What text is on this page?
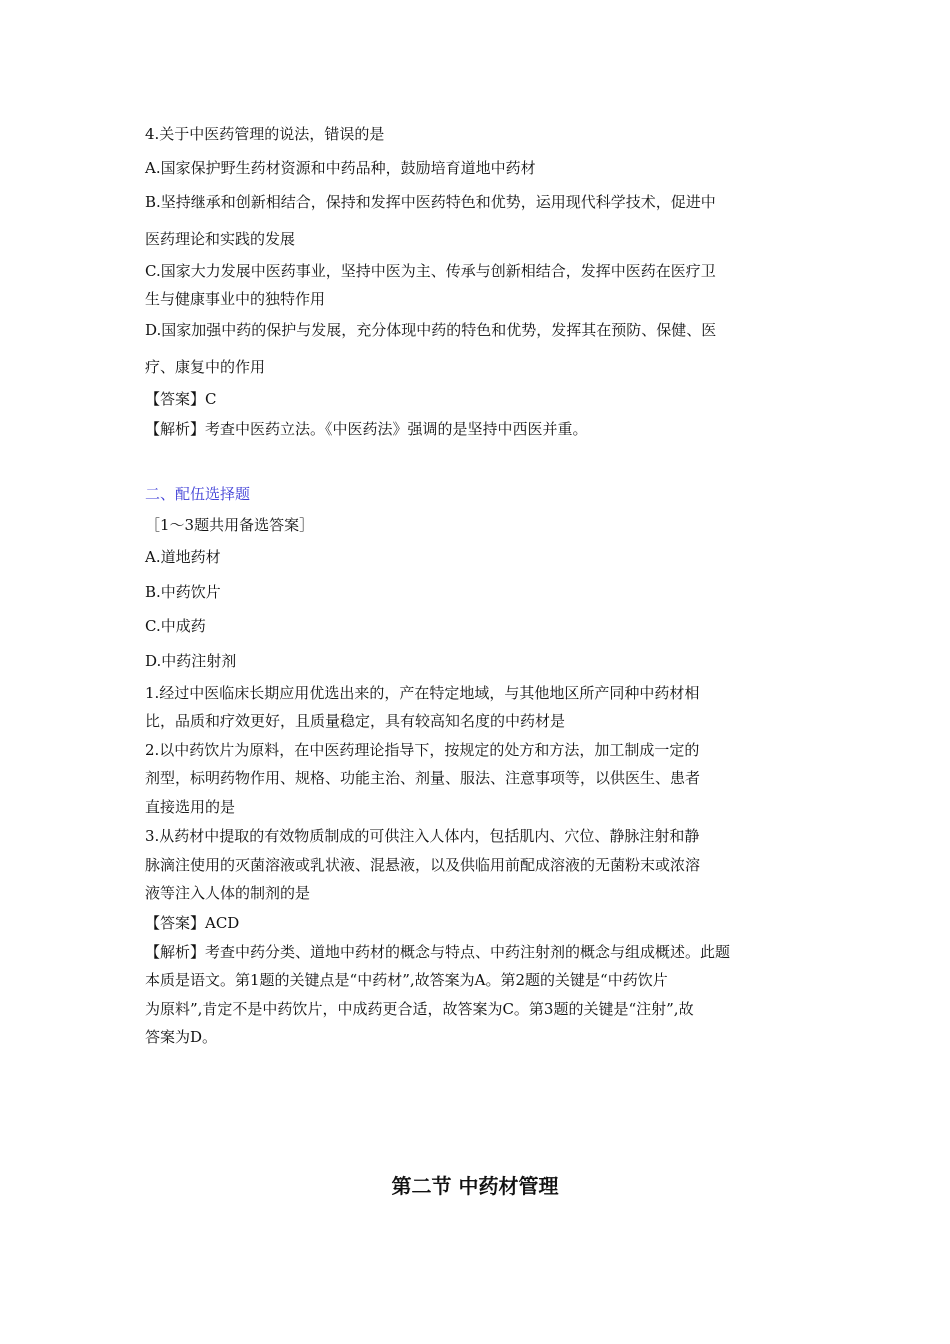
4.关于中医药管理的说法，错误的是
A.国家保护野生药材资源和中药品种，鼓励培育道地中药材
B.坚持继承和创新相结合，保持和发挥中医药特色和优势，运用现代科学技术，促进中
医药理论和实践的发展
C.国家大力发展中医药事业，坚持中医为主、传承与创新相结合，发挥中医药在医疗卫
生与健康事业中的独特作用
D.国家加强中药的保护与发展，充分体现中药的特色和优势，发挥其在预防、保健、医
疗、康复中的作用
【答案】C
【解析】考查中医药立法。《中医药法》强调的是坚持中西医并重。
二、配伍选择题
［1～3题共用备选答案］
A.道地药材
B.中药饮片
C.中成药
D.中药注射剂
1.经过中医临床长期应用优选出来的，产在特定地域，与其他地区所产同种中药材相
比，品质和疗效更好，且质量稳定，具有较高知名度的中药材是
2.以中药饮片为原料，在中医药理论指导下，按规定的处方和方法，加工制成一定的
剂型，标明药物作用、规格、功能主治、剂量、服法、注意事项等，以供医生、患者
直接选用的是
3.从药材中提取的有效物质制成的可供注入人体内，包括肌内、穴位、静脉注射和静
脉滴注使用的灭菌溶液或乳状液、混悬液，以及供临用前配成溶液的无菌粉末或浓溶
液等注入人体的制剂的是
【答案】ACD
【解析】考查中药分类、道地中药材的概念与特点、中药注射剂的概念与组成概述。此题
本质是语文。第1题的关键点是“中药材”,故答案为A。第2题的关键是“中药饮片
为原料”,肯定不是中药饮片，中成药更合适，故答案为C。第3题的关键是“注射”,故
答案为D。
第二节 中药材管理
